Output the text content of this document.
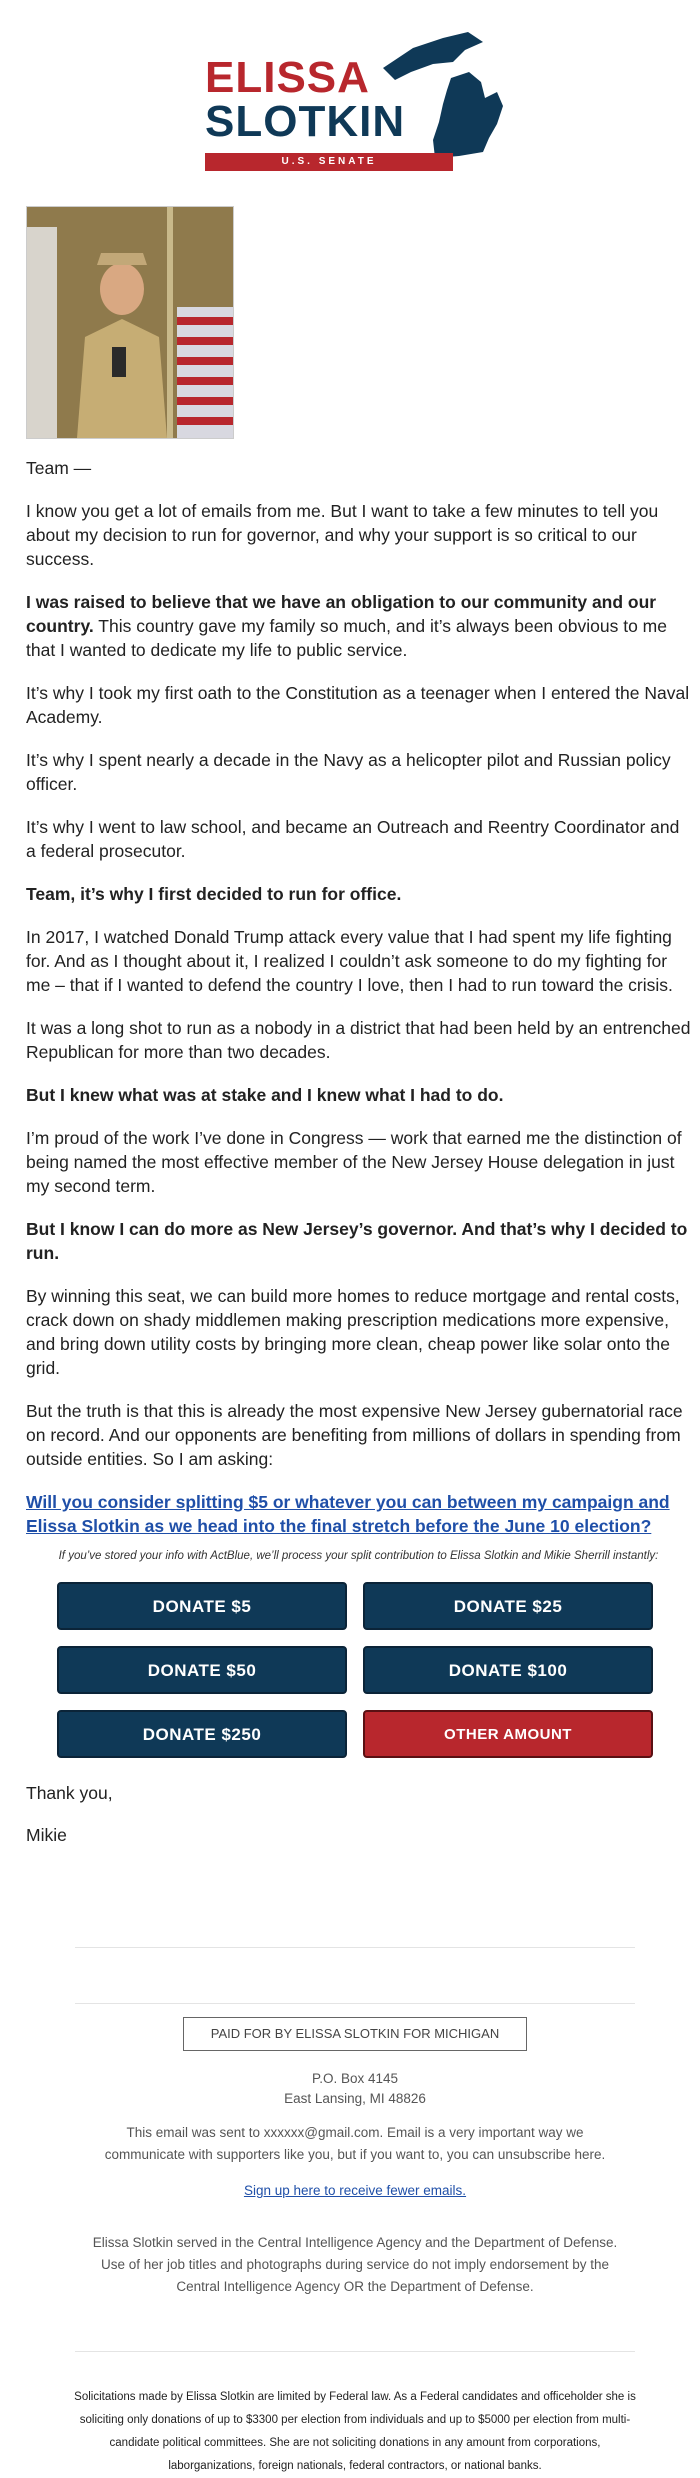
ELISSA
SLOTKIN
U.S. SENATE

Team —

I know you get a lot of emails from me. But I want to take a few minutes to tell you about my decision to run for governor, and why your support is so critical to our success.

I was raised to believe that we have an obligation to our community and our country. This country gave my family so much, and it’s always been obvious to me that I wanted to dedicate my life to public service.

It’s why I took my first oath to the Constitution as a teenager when I entered the Naval Academy.

It’s why I spent nearly a decade in the Navy as a helicopter pilot and Russian policy officer.

It’s why I went to law school, and became an Outreach and Reentry Coordinator and a federal prosecutor.

Team, it’s why I first decided to run for office.

In 2017, I watched Donald Trump attack every value that I had spent my life fighting for. And as I thought about it, I realized I couldn’t ask someone to do my fighting for me – that if I wanted to defend the country I love, then I had to run toward the crisis.

It was a long shot to run as a nobody in a district that had been held by an entrenched Republican for more than two decades.

But I knew what was at stake and I knew what I had to do.

I’m proud of the work I’ve done in Congress — work that earned me the distinction of being named the most effective member of the New Jersey House delegation in just my second term.

But I know I can do more as New Jersey’s governor. And that’s why I decided to run.

By winning this seat, we can build more homes to reduce mortgage and rental costs, crack down on shady middlemen making prescription medications more expensive, and bring down utility costs by bringing more clean, cheap power like solar onto the grid.

But the truth is that this is already the most expensive New Jersey gubernatorial race on record. And our opponents are benefiting from millions of dollars in spending from outside entities. So I am asking:

Will you consider splitting $5 or whatever you can between my campaign and Elissa Slotkin as we head into the final stretch before the June 10 election?

If you’ve stored your info with ActBlue, we’ll process your split contribution to Elissa Slotkin and Mikie Sherrill instantly:
DONATE $5	DONATE $25
DONATE $50	DONATE $100
DONATE $250	OTHER AMOUNT
Thank you,
Mikie
PAID FOR BY ELISSA SLOTKIN FOR MICHIGAN
P.O. Box 4145
East Lansing, MI 48826
This email was sent to xxxxxx@gmail.com. Email is a very important way we communicate with supporters like you, but if you want to, you can unsubscribe here.
Sign up here to receive fewer emails.
Elissa Slotkin served in the Central Intelligence Agency and the Department of Defense. Use of her job titles and photographs during service do not imply endorsement by the Central Intelligence Agency OR the Department of Defense.
Solicitations made by Elissa Slotkin are limited by Federal law. As a Federal candidates and officeholder she is soliciting only donations of up to $3300 per election from individuals and up to $5000 per election from multi-candidate political committees. She are not soliciting donations in any amount from corporations, laborganizations, foreign nationals, federal contractors, or national banks.
